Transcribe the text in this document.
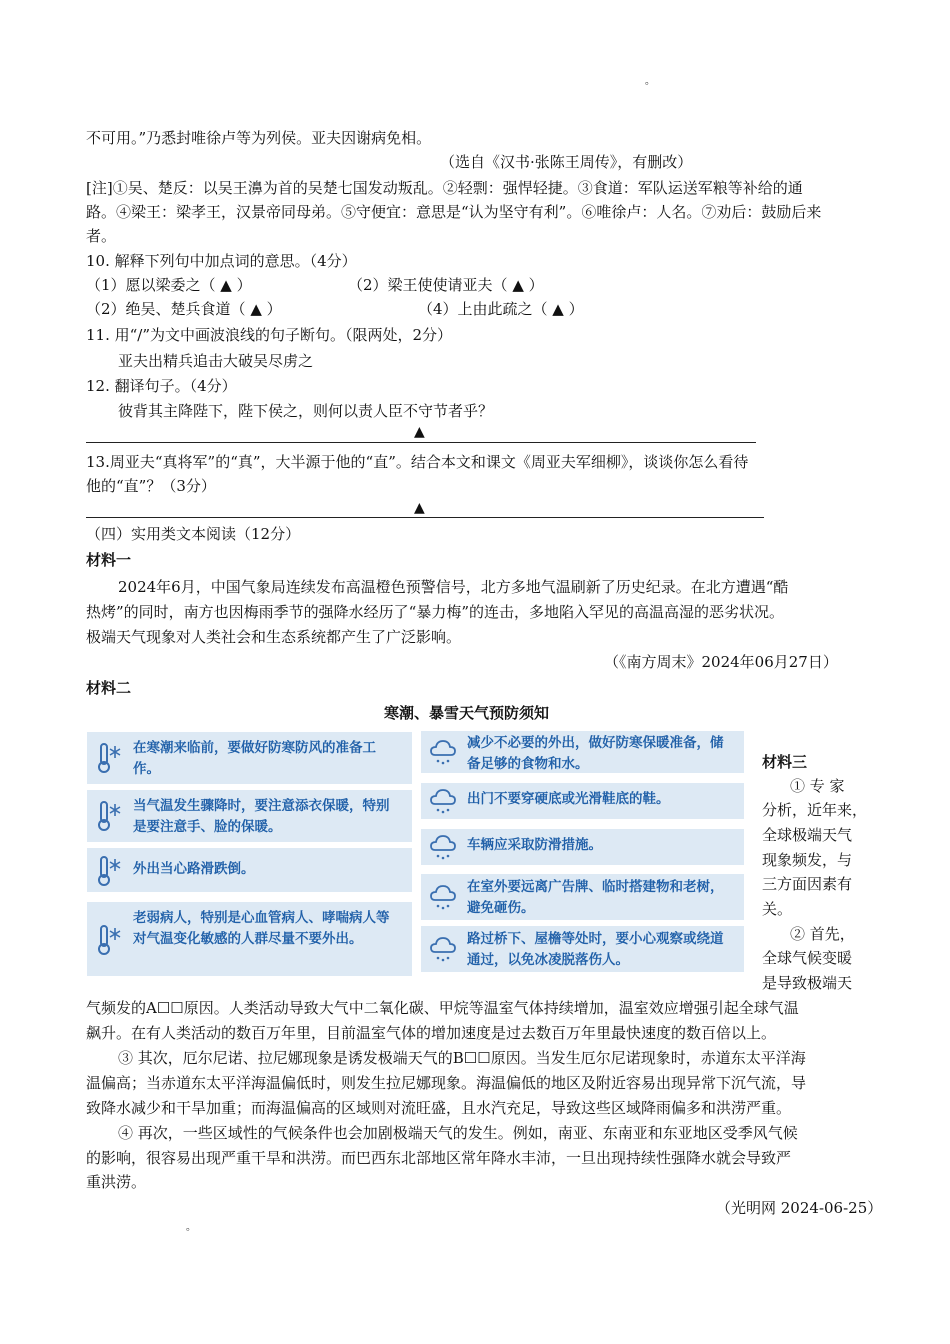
。
不可用。”乃悉封唯徐卢等为列侯。亚夫因谢病免相。
（选自《汉书·张陈王周传》，有删改）
[注]①吴、楚反：以吴王濞为首的吴楚七国发动叛乱。②轻剽：强悍轻捷。③食道：军队运送军粮等补给的通
路。④梁王：梁孝王，汉景帝同母弟。⑤守便宜：意思是“认为坚守有利”。⑥唯徐卢：人名。⑦劝后：鼓励后来
者。
10. 解释下列句中加点词的意思。（4分）
（1）愿以梁委之（ ▲ ）	（2）梁王使使请亚夫（ ▲ ）
（2）绝吴、楚兵食道（ ▲ ）	（4）上由此疏之（ ▲ ）
11. 用“/”为文中画波浪线的句子断句。（限两处，2分）
亚夫出精兵追击大破吴尽虏之
12. 翻译句子。（4分）
彼背其主降陛下，陛下侯之，则何以责人臣不守节者乎？
▲
13.周亚夫“真将军”的“真”，大半源于他的“直”。结合本文和课文《周亚夫军细柳》，谈谈你怎么看待
他的“直”？（3分）
▲
（四）实用类文本阅读（12分）
材料一
2024年6月，中国气象局连续发布高温橙色预警信号，北方多地气温刷新了历史纪录。在北方遭遇“酷
热烤”的同时，南方也因梅雨季节的强降水经历了“暴力梅”的连击，多地陷入罕见的高温高湿的恶劣状况。
极端天气现象对人类社会和生态系统都产生了广泛影响。
（《南方周末》2024年06月27日）
材料二
寒潮、暴雪天气预防须知
在寒潮来临前，要做好防寒防风的准备工作。
当气温发生骤降时，要注意添衣保暖，特别是要注意手、脸的保暖。
外出当心路滑跌倒。
老弱病人，特别是心血管病人、哮喘病人等对气温变化敏感的人群尽量不要外出。
减少不必要的外出，做好防寒保暖准备，储备足够的食物和水。
出门不要穿硬底或光滑鞋底的鞋。
车辆应采取防滑措施。
在室外要远离广告牌、临时搭建物和老树，避免砸伤。
路过桥下、屋檐等处时，要小心观察或绕道通过，以免冰凌脱落伤人。
材料三
① 专 家
分析，近年来，
全球极端天气
现象频发，与
三方面因素有
关。
② 首先，
全球气候变暖
是导致极端天
气频发的A☐☐原因。人类活动导致大气中二氧化碳、甲烷等温室气体持续增加，温室效应增强引起全球气温
飙升。在有人类活动的数百万年里，目前温室气体的增加速度是过去数百万年里最快速度的数百倍以上。
③ 其次，厄尔尼诺、拉尼娜现象是诱发极端天气的B☐☐原因。当发生厄尔尼诺现象时，赤道东太平洋海
温偏高；当赤道东太平洋海温偏低时，则发生拉尼娜现象。海温偏低的地区及附近容易出现异常下沉气流，导
致降水减少和干旱加重；而海温偏高的区域则对流旺盛，且水汽充足，导致这些区域降雨偏多和洪涝严重。
④ 再次，一些区域性的气候条件也会加剧极端天气的发生。例如，南亚、东南亚和东亚地区受季风气候
的影响，很容易出现严重干旱和洪涝。而巴西东北部地区常年降水丰沛，一旦出现持续性强降水就会导致严
重洪涝。
（光明网 2024-06-25）
。
